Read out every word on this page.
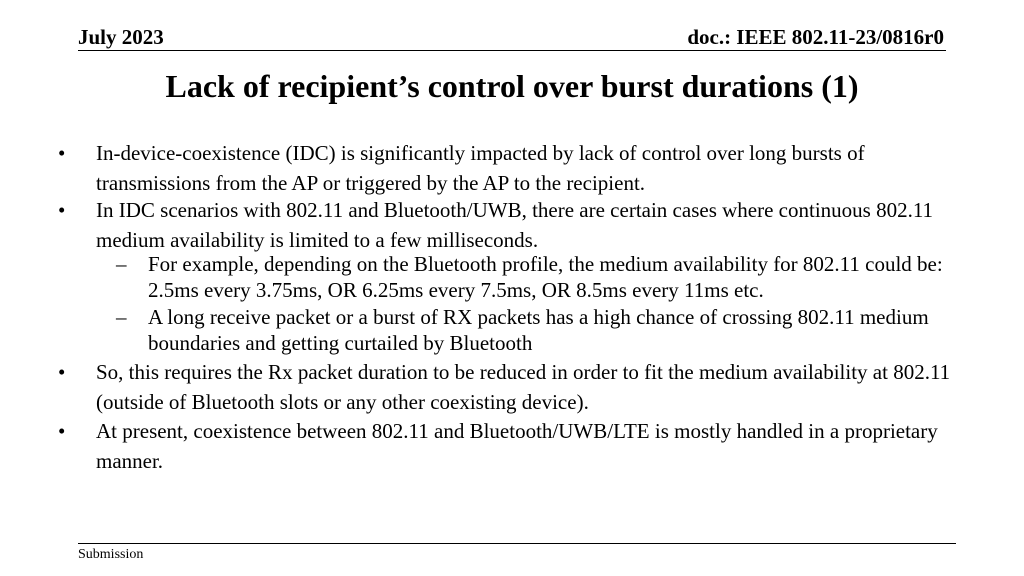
July 2023	doc.: IEEE 802.11-23/0816r0
Lack of recipient’s control over burst durations (1)
• In-device-coexistence (IDC) is significantly impacted by lack of control over long bursts of transmissions from the AP or triggered by the AP to the recipient.
• In IDC scenarios with 802.11 and Bluetooth/UWB, there are certain cases where continuous 802.11 medium availability is limited to a few milliseconds.
– For example, depending on the Bluetooth profile, the medium availability for 802.11 could be: 2.5ms every 3.75ms, OR 6.25ms every 7.5ms, OR 8.5ms every 11ms etc.
– A long receive packet or a burst of RX packets has a high chance of crossing 802.11 medium boundaries and getting curtailed by Bluetooth
• So, this requires the Rx packet duration to be reduced in order to fit the medium availability at 802.11 (outside of Bluetooth slots or any other coexisting device).
• At present, coexistence between 802.11 and Bluetooth/UWB/LTE is mostly handled in a proprietary manner.
Submission
